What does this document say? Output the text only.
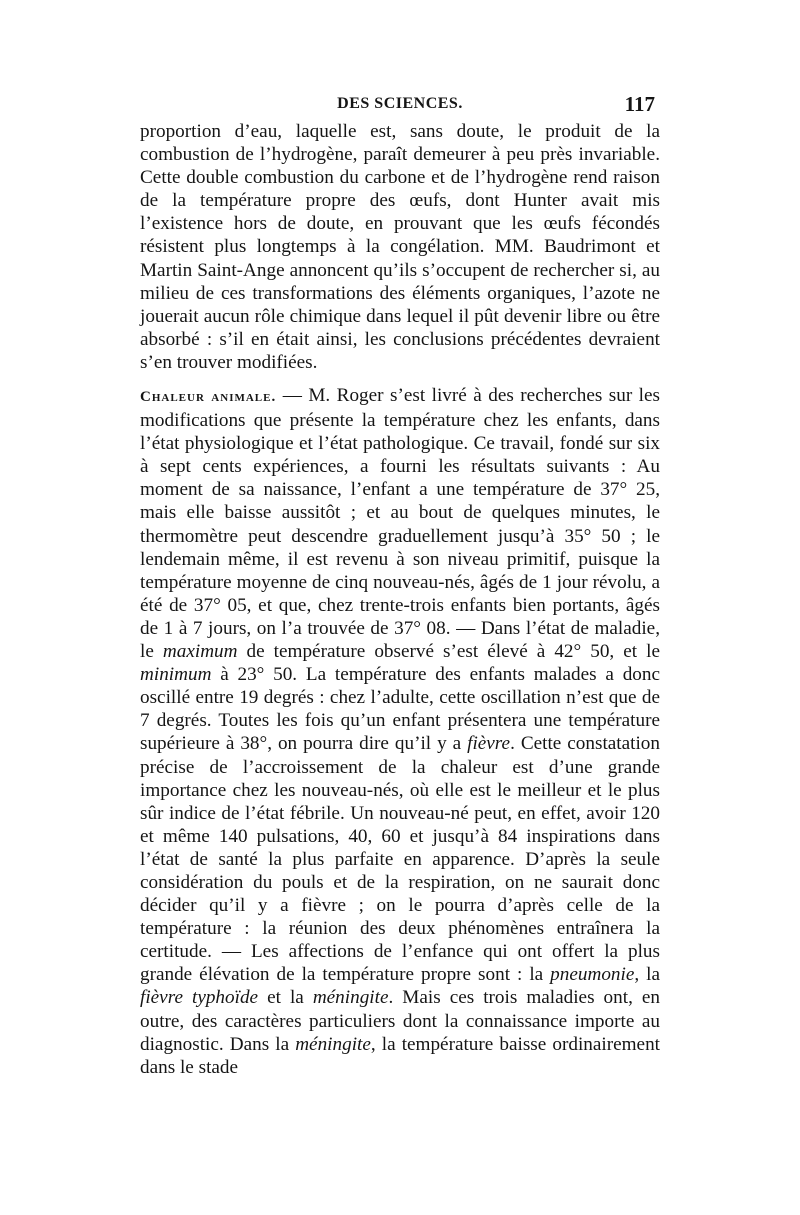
DES SCIENCES.	117

proportion d’eau, laquelle est, sans doute, le produit de la combustion de l’hydrogène, paraît demeurer à peu près invariable. Cette double combustion du carbone et de l’hydrogène rend raison de la température propre des œufs, dont Hunter avait mis l’existence hors de doute, en prouvant que les œufs fécondés résistent plus longtemps à la congélation. MM. Baudrimont et Martin Saint-Ange annoncent qu’ils s’occupent de rechercher si, au milieu de ces transformations des éléments organiques, l’azote ne jouerait aucun rôle chimique dans lequel il pût devenir libre ou être absorbé : s’il en était ainsi, les conclusions précédentes devraient s’en trouver modifiées.

Chaleur animale. — M. Roger s’est livré à des recherches sur les modifications que présente la température chez les enfants, dans l’état physiologique et l’état pathologique. Ce travail, fondé sur six à sept cents expériences, a fourni les résultats suivants : Au moment de sa naissance, l’enfant a une température de 37° 25, mais elle baisse aussitôt ; et au bout de quelques minutes, le thermomètre peut descendre graduellement jusqu’à 35° 50 ; le lendemain même, il est revenu à son niveau primitif, puisque la température moyenne de cinq nouveau-nés, âgés de 1 jour révolu, a été de 37° 05, et que, chez trente-trois enfants bien portants, âgés de 1 à 7 jours, on l’a trouvée de 37° 08. — Dans l’état de maladie, le maximum de température observé s’est élevé à 42° 50, et le minimum à 23° 50. La température des enfants malades a donc oscillé entre 19 degrés : chez l’adulte, cette oscillation n’est que de 7 degrés. Toutes les fois qu’un enfant présentera une température supérieure à 38°, on pourra dire qu’il y a fièvre. Cette constatation précise de l’accroissement de la chaleur est d’une grande importance chez les nouveau-nés, où elle est le meilleur et le plus sûr indice de l’état fébrile. Un nouveau-né peut, en effet, avoir 120 et même 140 pulsations, 40, 60 et jusqu’à 84 inspirations dans l’état de santé la plus parfaite en apparence. D’après la seule considération du pouls et de la respiration, on ne saurait donc décider qu’il y a fièvre ; on le pourra d’après celle de la température : la réunion des deux phénomènes entraînera la certitude. — Les affections de l’enfance qui ont offert la plus grande élévation de la température propre sont : la pneumonie, la fièvre typhoïde et la méningite. Mais ces trois maladies ont, en outre, des caractères particuliers dont la connaissance importe au diagnostic. Dans la méningite, la température baisse ordinairement dans le stade
